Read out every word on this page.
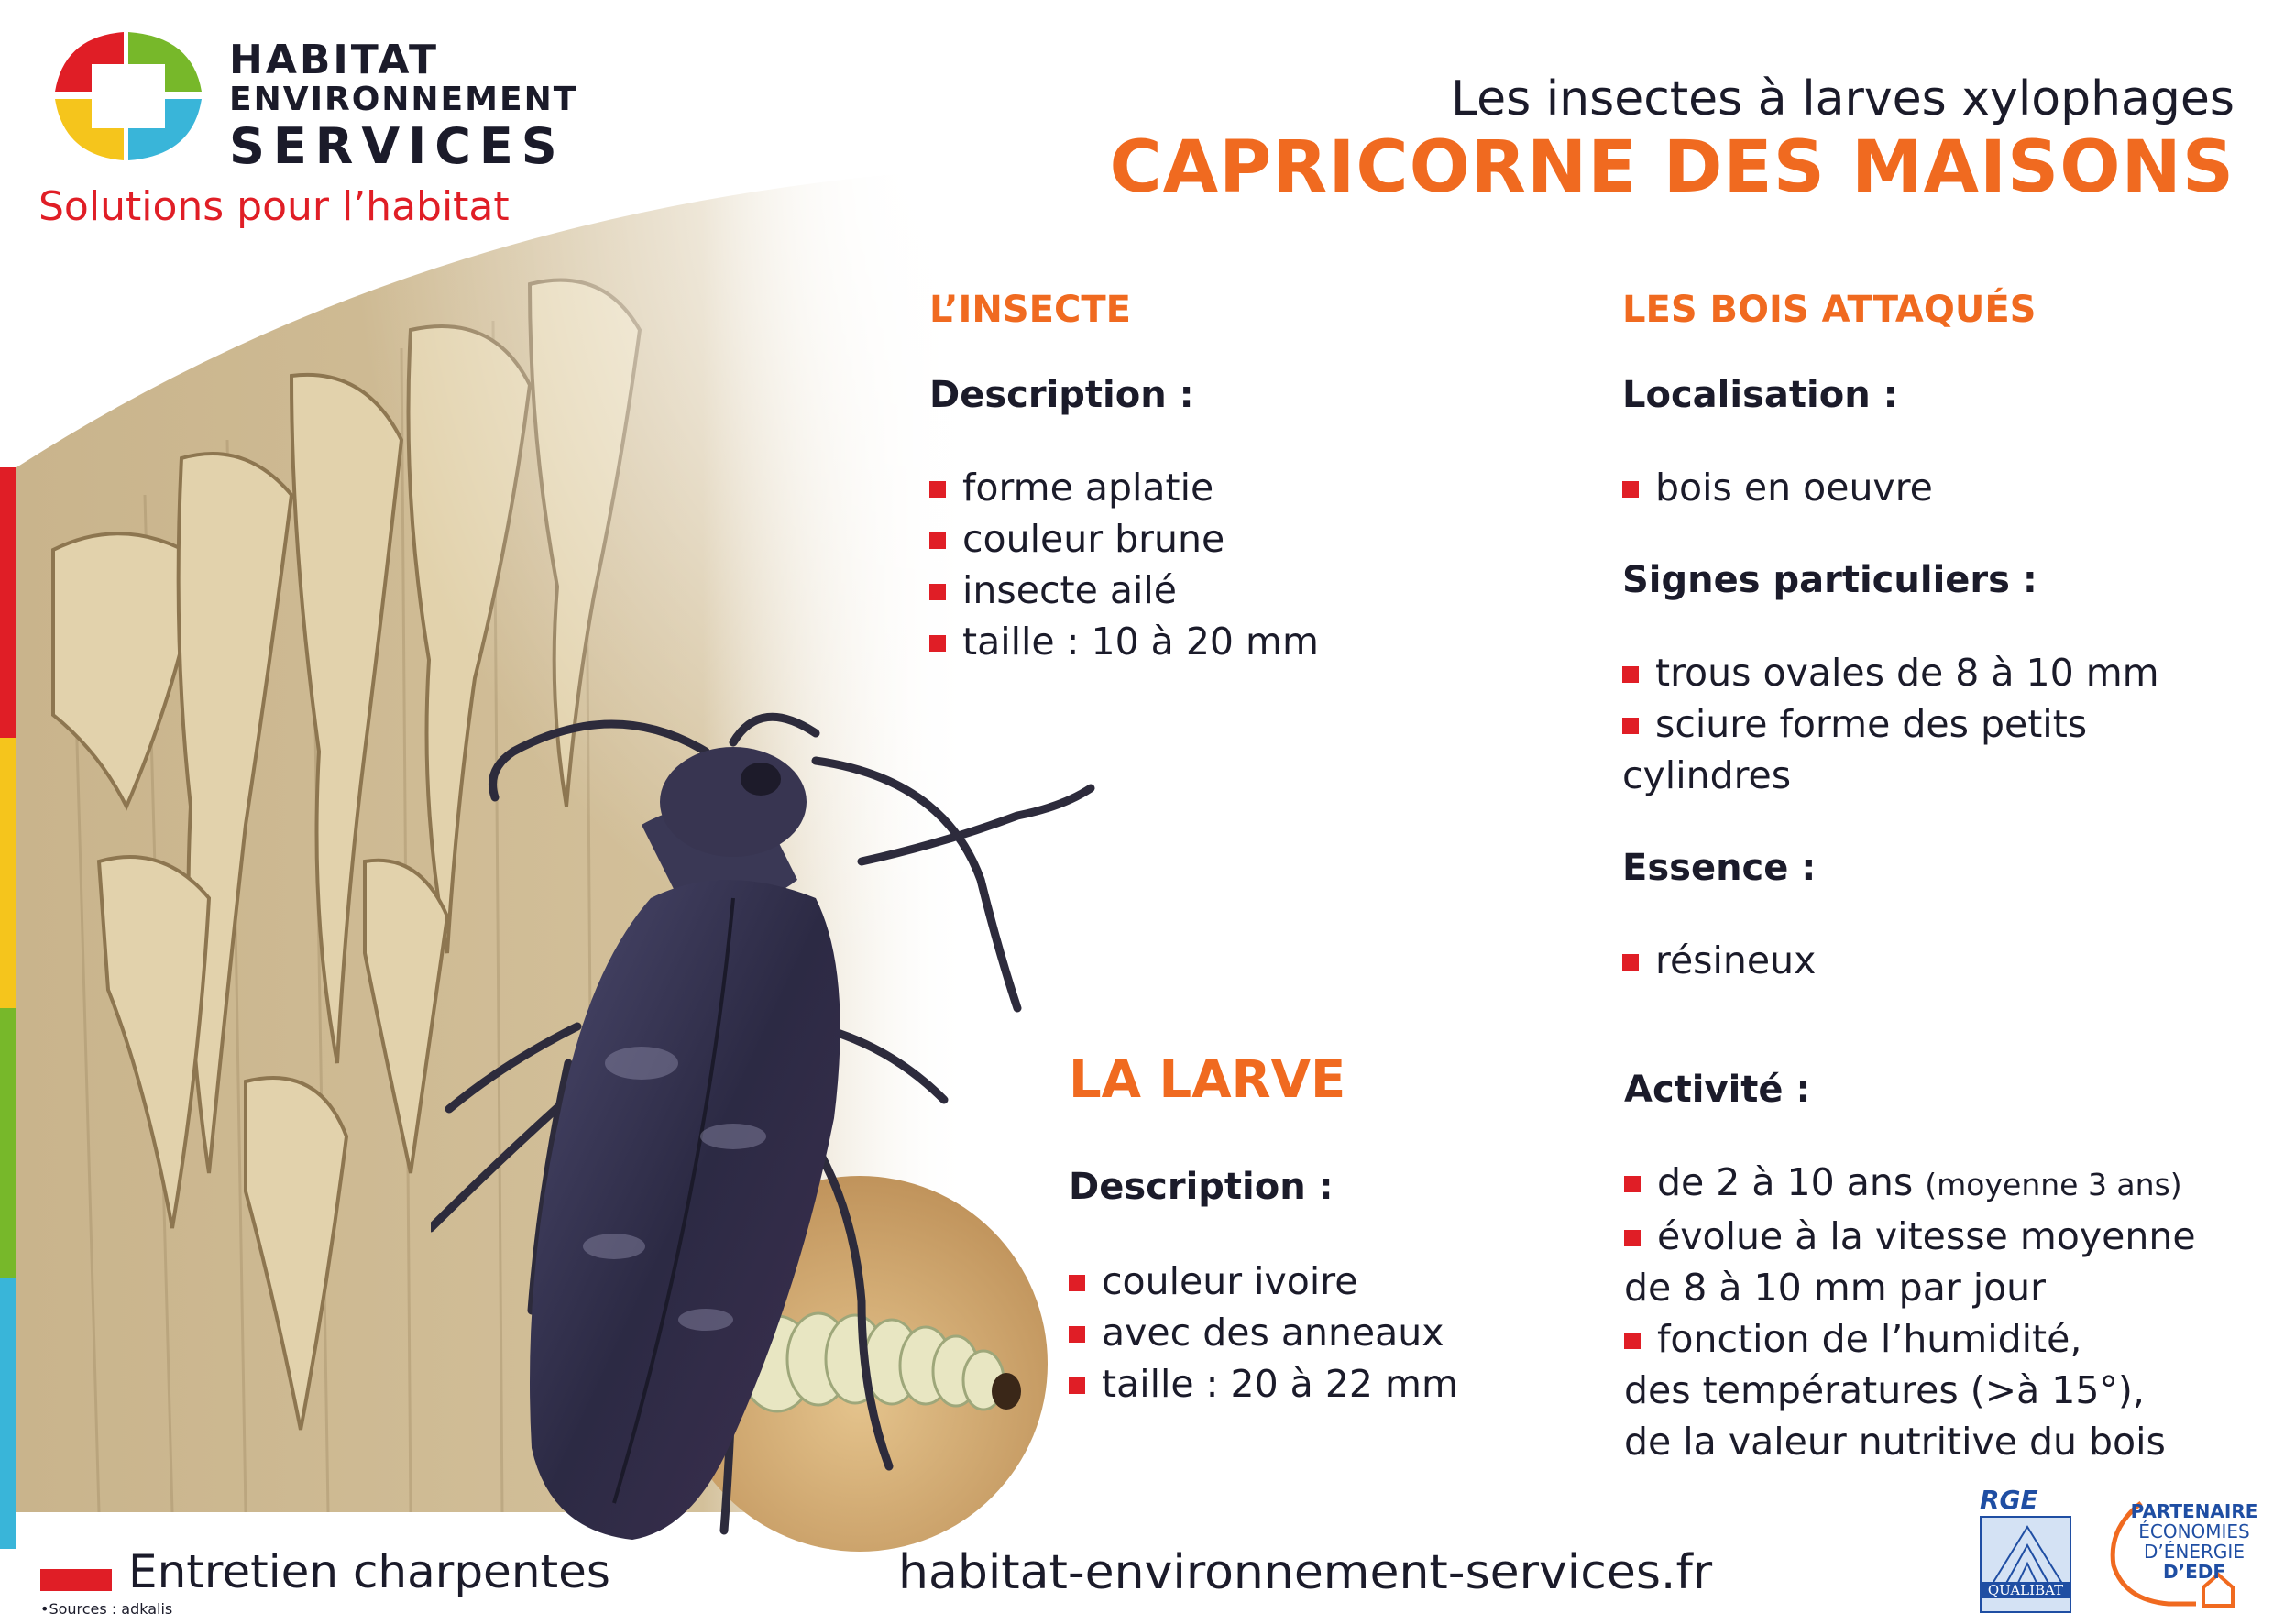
HABITAT
ENVIRONNEMENT
SERVICES
Solutions pour l’habitat
Les insectes à larves xylophages
CAPRICORNE DES MAISONS
L’INSECTE
Description :
forme aplatie
couleur brune
insecte ailé
taille : 10 à 20 mm
LES BOIS ATTAQUÉS
Localisation :
bois en oeuvre
Signes particuliers :
trous ovales de 8 à 10 mm
sciure forme des petits
cylindres
Essence :
résineux
Activité :
de 2 à 10 ans (moyenne 3 ans)
évolue à la vitesse moyenne
de 8 à 10 mm par jour
fonction de l’humidité,
des températures (>à 15°),
de la valeur nutritive du bois
LA LARVE
Description :
couleur ivoire
avec des anneaux
taille : 20 à 22 mm
Entretien charpentes
•Sources : adkalis
habitat-environnement-services.fr
RGE
QUALIBAT
PARTENAIRE
ÉCONOMIES
D’ÉNERGIE
D’EDF
